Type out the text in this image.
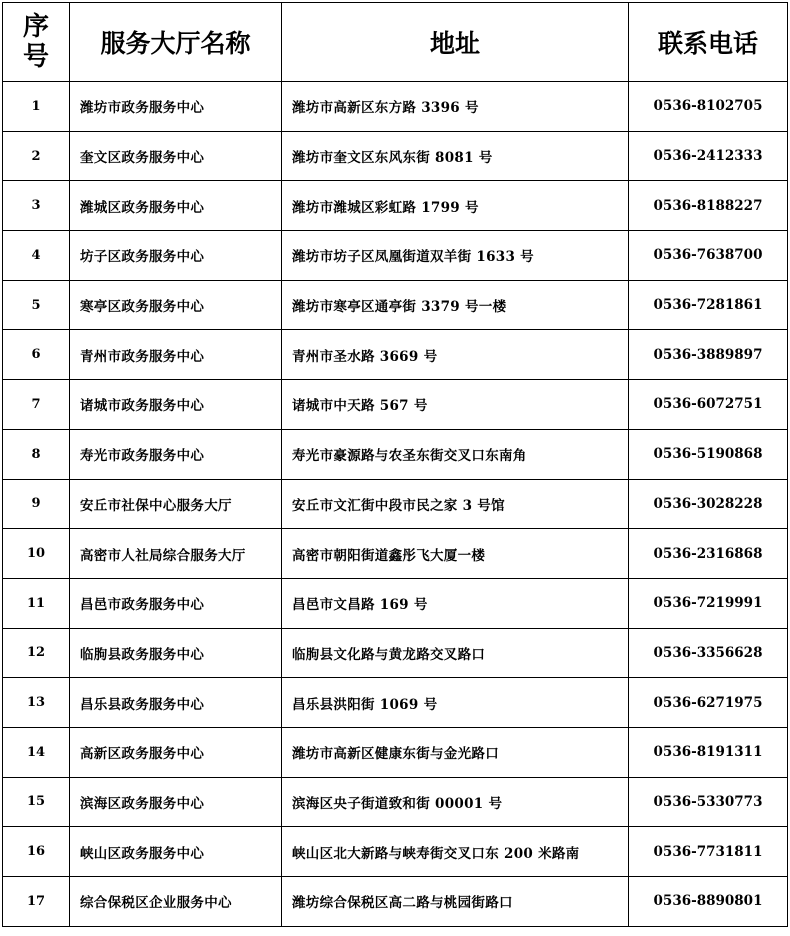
序
号	服务大厅名称	地址	联系电话
1	潍坊市政务服务中心	潍坊市高新区东方路 3396 号	0536-8102705
2	奎文区政务服务中心	潍坊市奎文区东风东街 8081 号	0536-2412333
3	潍城区政务服务中心	潍坊市潍城区彩虹路 1799 号	0536-8188227
4	坊子区政务服务中心	潍坊市坊子区凤凰街道双羊街 1633 号	0536-7638700
5	寒亭区政务服务中心	潍坊市寒亭区通亭街 3379 号一楼	0536-7281861
6	青州市政务服务中心	青州市圣水路 3669 号	0536-3889897
7	诸城市政务服务中心	诸城市中天路 567 号	0536-6072751
8	寿光市政务服务中心	寿光市豪源路与农圣东街交叉口东南角	0536-5190868
9	安丘市社保中心服务大厅	安丘市文汇街中段市民之家 3 号馆	0536-3028228
10	高密市人社局综合服务大厅	高密市朝阳街道鑫彤飞大厦一楼	0536-2316868
11	昌邑市政务服务中心	昌邑市文昌路 169 号	0536-7219991
12	临朐县政务服务中心	临朐县文化路与黄龙路交叉路口	0536-3356628
13	昌乐县政务服务中心	昌乐县洪阳街 1069 号	0536-6271975
14	高新区政务服务中心	潍坊市高新区健康东街与金光路口	0536-8191311
15	滨海区政务服务中心	滨海区央子街道致和街 00001 号	0536-5330773
16	峡山区政务服务中心	峡山区北大新路与峡寿街交叉口东 200 米路南	0536-7731811
17	综合保税区企业服务中心	潍坊综合保税区高二路与桃园街路口	0536-8890801
